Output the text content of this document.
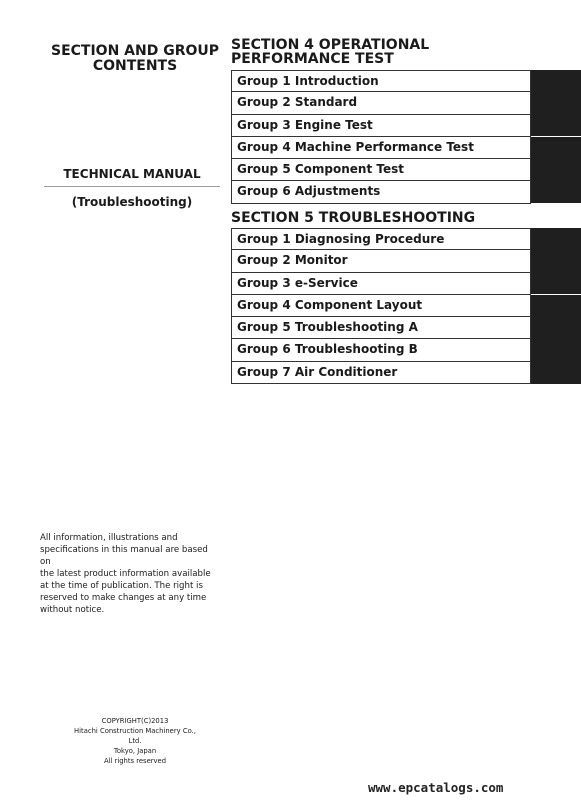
SECTION AND GROUP
CONTENTS
TECHNICAL MANUAL
(Troubleshooting)
SECTION 4 OPERATIONAL
PERFORMANCE TEST
Group 1 Introduction
Group 2 Standard
Group 3 Engine Test
Group 4 Machine Performance Test
Group 5 Component Test
Group 6 Adjustments
SECTION 5 TROUBLESHOOTING
Group 1 Diagnosing Procedure
Group 2 Monitor
Group 3 e-Service
Group 4 Component Layout
Group 5 Troubleshooting A
Group 6 Troubleshooting B
Group 7 Air Conditioner
All information, illustrations and
specifications in this manual are based on
the latest product information available
at the time of publication. The right is
reserved to make changes at any time
without notice.
COPYRIGHT(C)2013
Hitachi Construction Machinery Co., Ltd.
Tokyo, Japan
All rights reserved
www.epcatalogs.com
